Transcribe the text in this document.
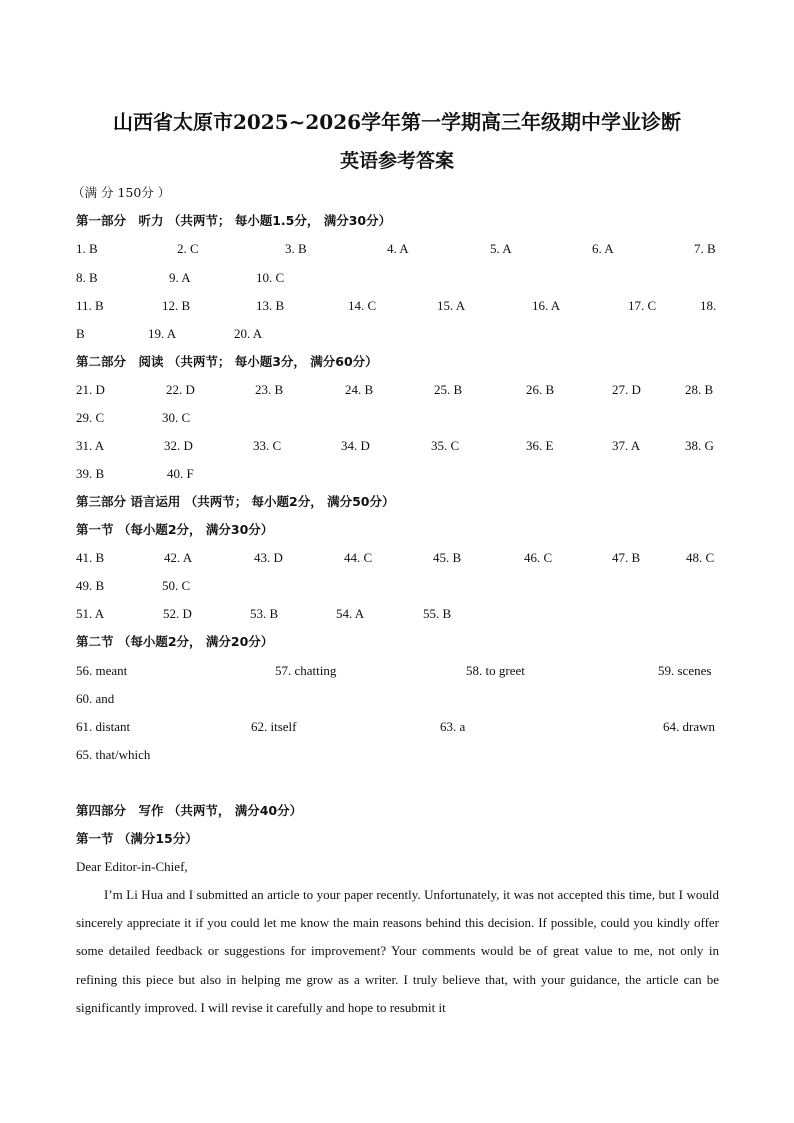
山西省太原市2025~2026学年第一学期高三年级期中学业诊断
英语参考答案
（满 分 150分 ）
第一部分　听力 （共两节； 每小题1.5分， 满分30分）
1. B	2. C	3. B	4. A	5. A	6. A	7. B
8. B	9. A	10. C
11. B	12. B	13. B	14. C	15. A	16. A	17. C	18.
B	19. A	20. A
第二部分　阅读 （共两节； 每小题3分， 满分60分）
21. D	22. D	23. B	24. B	25. B	26. B	27. D	28. B
29. C	30. C
31. A	32. D	33. C	34. D	35. C	36. E	37. A	38. G
39. B	40. F
第三部分 语言运用 （共两节； 每小题2分， 满分50分）
第一节 （每小题2分， 满分30分）
41. B	42. A	43. D	44. C	45. B	46. C	47. B	48. C
49. B	50. C
51. A	52. D	53. B	54. A	55. B
第二节 （每小题2分， 满分20分）
56. meant	57. chatting	58. to greet	59. scenes
60. and
61. distant	62. itself	63. a	64. drawn
65. that/which
第四部分　写作 （共两节， 满分40分）
第一节 （满分15分）
Dear Editor-in-Chief,
I’m Li Hua and I submitted an article to your paper recently. Unfortunately, it was not accepted this time, but I would sincerely appreciate it if you could let me know the main reasons behind this decision. If possible, could you kindly offer some detailed feedback or suggestions for improvement? Your comments would be of great value to me, not only in refining this piece but also in helping me grow as a writer. I truly believe that, with your guidance, the article can be significantly improved. I will revise it carefully and hope to resubmit it
